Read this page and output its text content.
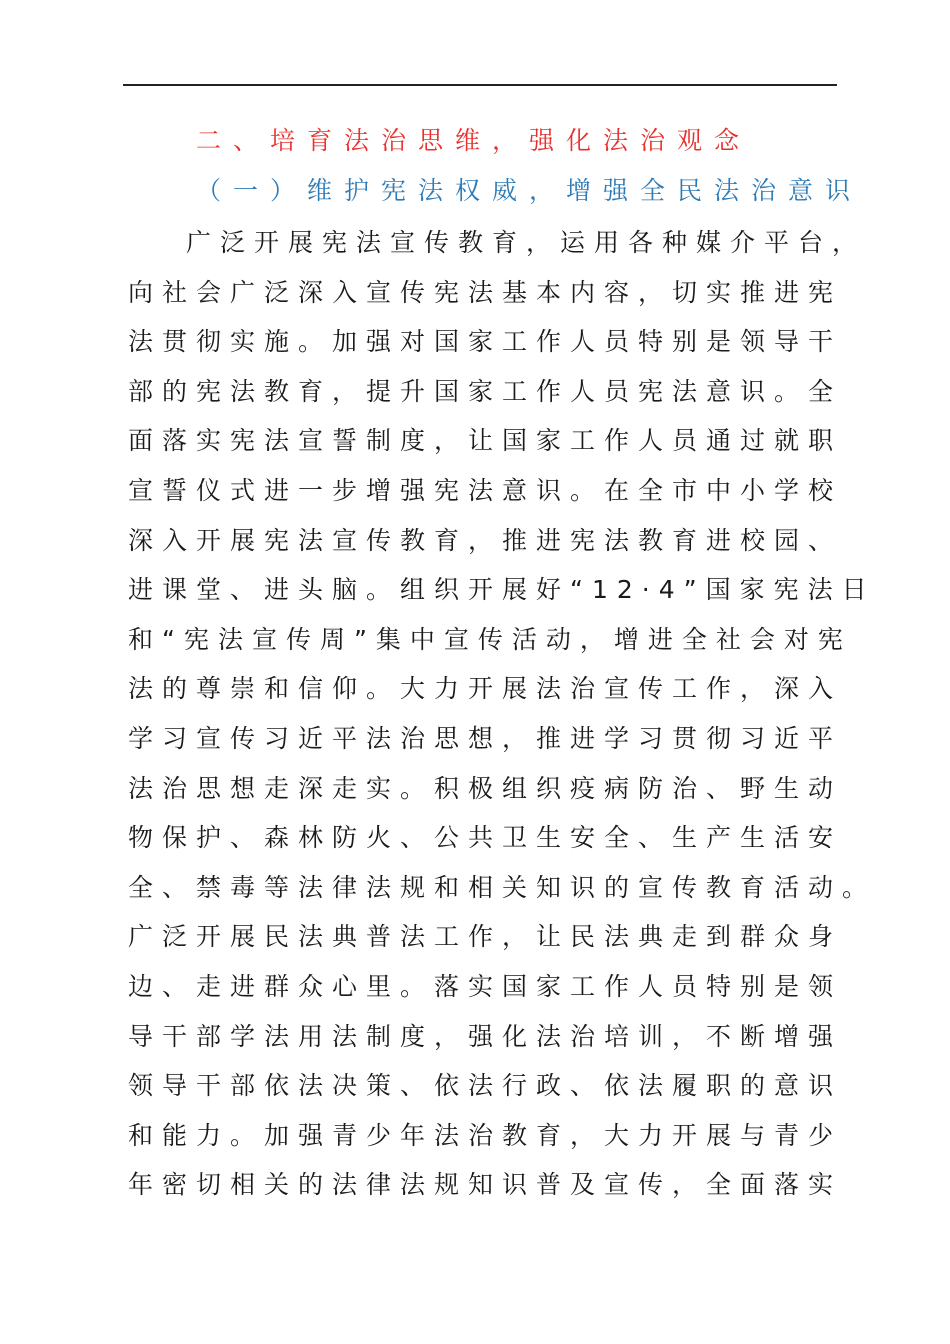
二、培育法治思维，强化法治观念
（一）维护宪法权威，增强全民法治意识
广泛开展宪法宣传教育，运用各种媒介平台，
向社会广泛深入宣传宪法基本内容，切实推进宪
法贯彻实施。加强对国家工作人员特别是领导干
部的宪法教育，提升国家工作人员宪法意识。全
面落实宪法宣誓制度，让国家工作人员通过就职
宣誓仪式进一步增强宪法意识。在全市中小学校
深入开展宪法宣传教育，推进宪法教育进校园、
进课堂、进头脑。组织开展好“12·4”国家宪法日
和“宪法宣传周”集中宣传活动，增进全社会对宪
法的尊崇和信仰。大力开展法治宣传工作，深入
学习宣传习近平法治思想，推进学习贯彻习近平
法治思想走深走实。积极组织疫病防治、野生动
物保护、森林防火、公共卫生安全、生产生活安
全、禁毒等法律法规和相关知识的宣传教育活动。
广泛开展民法典普法工作，让民法典走到群众身
边、走进群众心里。落实国家工作人员特别是领
导干部学法用法制度，强化法治培训，不断增强
领导干部依法决策、依法行政、依法履职的意识
和能力。加强青少年法治教育，大力开展与青少
年密切相关的法律法规知识普及宣传，全面落实
